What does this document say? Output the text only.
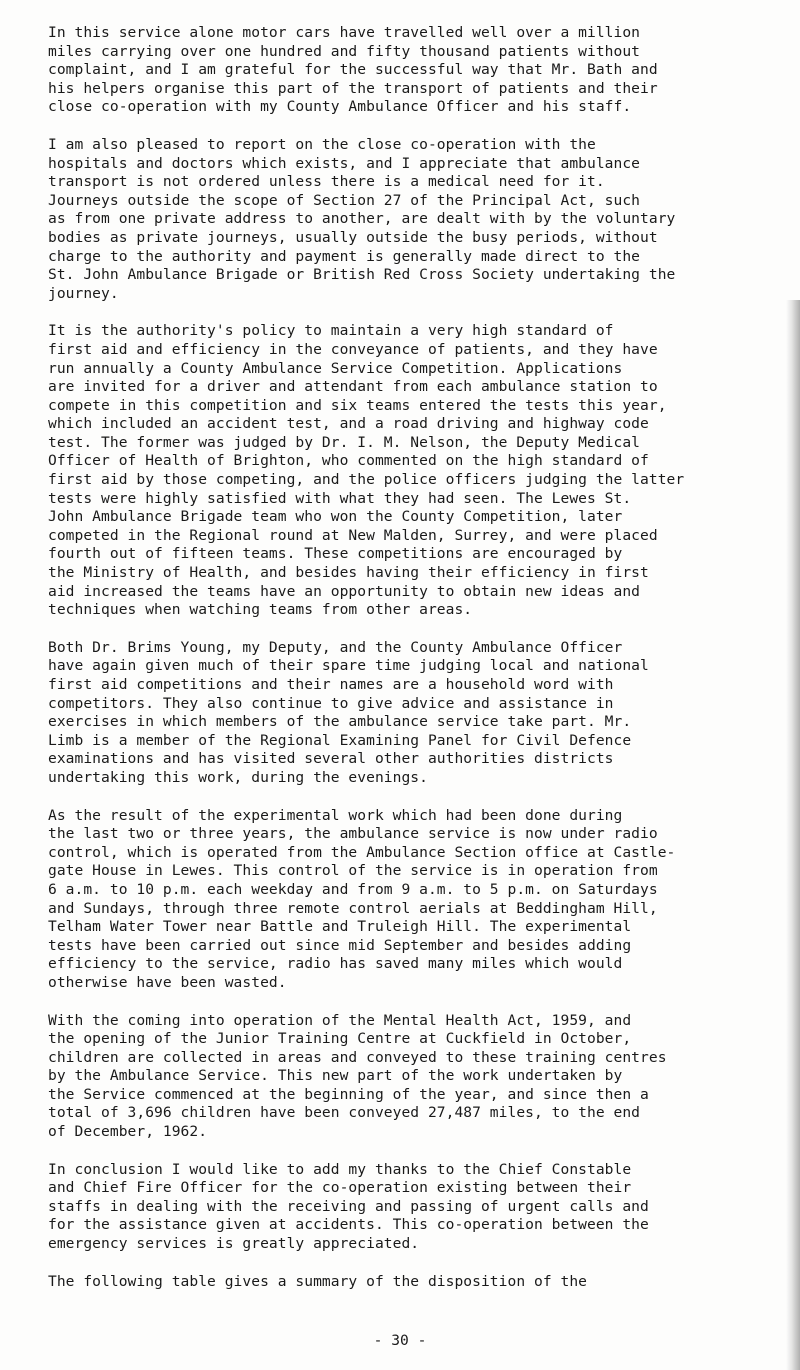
In this service alone motor cars have travelled well over a million
miles carrying over one hundred and fifty thousand patients without
complaint, and I am grateful for the successful way that Mr. Bath and
his helpers organise this part of the transport of patients and their
close co-operation with my County Ambulance Officer and his staff.

I am also pleased to report on the close co-operation with the
hospitals and doctors which exists, and I appreciate that ambulance
transport is not ordered unless there is a medical need for it.
Journeys outside the scope of Section 27 of the Principal Act, such
as from one private address to another, are dealt with by the voluntary
bodies as private journeys, usually outside the busy periods, without
charge to the authority and payment is generally made direct to the
St. John Ambulance Brigade or British Red Cross Society undertaking the
journey.

It is the authority's policy to maintain a very high standard of
first aid and efficiency in the conveyance of patients, and they have
run annually a County Ambulance Service Competition. Applications
are invited for a driver and attendant from each ambulance station to
compete in this competition and six teams entered the tests this year,
which included an accident test, and a road driving and highway code
test. The former was judged by Dr. I. M. Nelson, the Deputy Medical
Officer of Health of Brighton, who commented on the high standard of
first aid by those competing, and the police officers judging the latter
tests were highly satisfied with what they had seen. The Lewes St.
John Ambulance Brigade team who won the County Competition, later
competed in the Regional round at New Malden, Surrey, and were placed
fourth out of fifteen teams. These competitions are encouraged by
the Ministry of Health, and besides having their efficiency in first
aid increased the teams have an opportunity to obtain new ideas and
techniques when watching teams from other areas.

Both Dr. Brims Young, my Deputy, and the County Ambulance Officer
have again given much of their spare time judging local and national
first aid competitions and their names are a household word with
competitors. They also continue to give advice and assistance in
exercises in which members of the ambulance service take part. Mr.
Limb is a member of the Regional Examining Panel for Civil Defence
examinations and has visited several other authorities districts
undertaking this work, during the evenings.

As the result of the experimental work which had been done during
the last two or three years, the ambulance service is now under radio
control, which is operated from the Ambulance Section office at Castle-
gate House in Lewes. This control of the service is in operation from
6 a.m. to 10 p.m. each weekday and from 9 a.m. to 5 p.m. on Saturdays
and Sundays, through three remote control aerials at Beddingham Hill,
Telham Water Tower near Battle and Truleigh Hill. The experimental
tests have been carried out since mid September and besides adding
efficiency to the service, radio has saved many miles which would
otherwise have been wasted.

With the coming into operation of the Mental Health Act, 1959, and
the opening of the Junior Training Centre at Cuckfield in October,
children are collected in areas and conveyed to these training centres
by the Ambulance Service. This new part of the work undertaken by
the Service commenced at the beginning of the year, and since then a
total of 3,696 children have been conveyed 27,487 miles, to the end
of December, 1962.

In conclusion I would like to add my thanks to the Chief Constable
and Chief Fire Officer for the co-operation existing between their
staffs in dealing with the receiving and passing of urgent calls and
for the assistance given at accidents. This co-operation between the
emergency services is greatly appreciated.

The following table gives a summary of the disposition of the

- 30 -
